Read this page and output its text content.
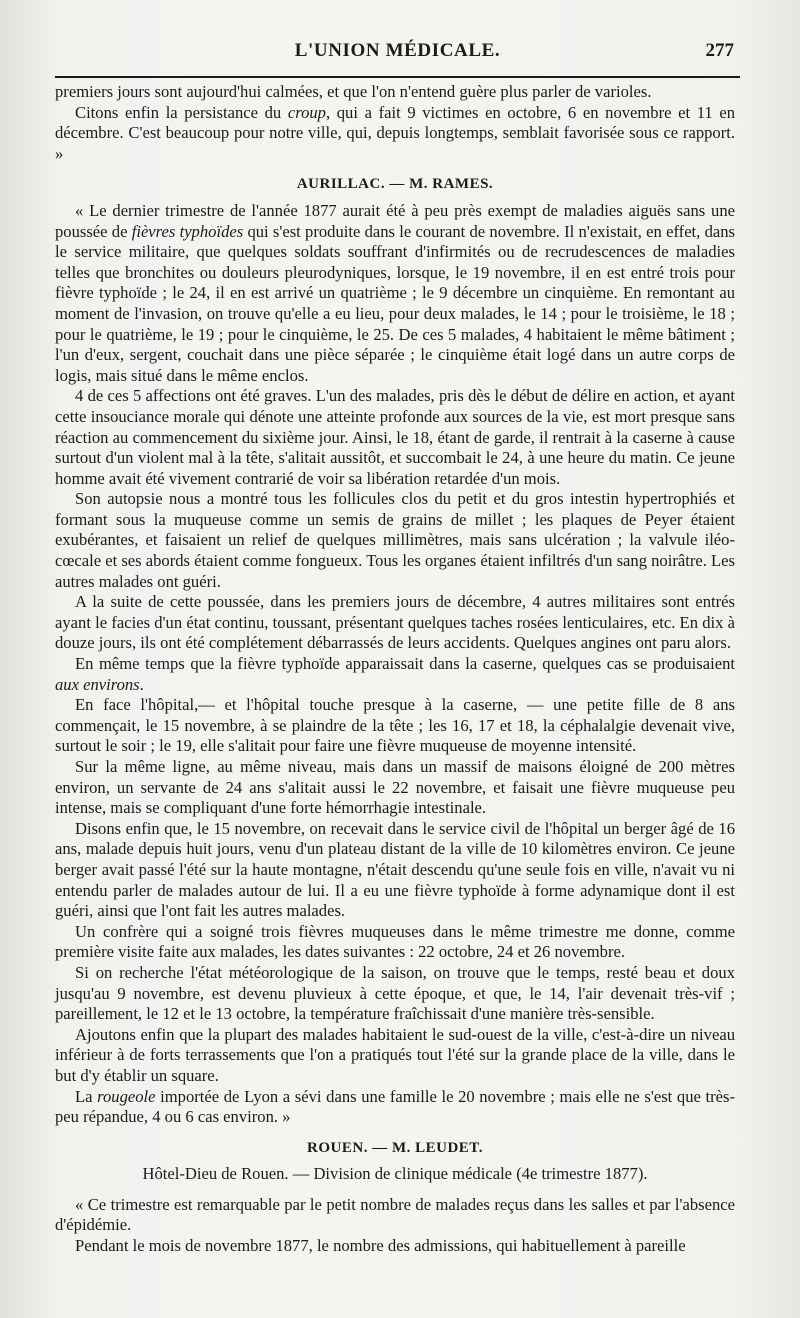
L'UNION MÉDICALE.	277

premiers jours sont aujourd'hui calmées, et que l'on n'entend guère plus parler de varioles.

Citons enfin la persistance du croup, qui a fait 9 victimes en octobre, 6 en novembre et 11 en décembre. C'est beaucoup pour notre ville, qui, depuis longtemps, semblait favorisée sous ce rapport. »

AURILLAC. — M. RAMES.

« Le dernier trimestre de l'année 1877 aurait été à peu près exempt de maladies aiguës sans une poussée de fièvres typhoïdes qui s'est produite dans le courant de novembre. Il n'existait, en effet, dans le service militaire, que quelques soldats souffrant d'infirmités ou de recrudescences de maladies telles que bronchites ou douleurs pleurodyniques, lorsque, le 19 novembre, il en est entré trois pour fièvre typhoïde ; le 24, il en est arrivé un quatrième ; le 9 décembre un cinquième. En remontant au moment de l'invasion, on trouve qu'elle a eu lieu, pour deux malades, le 14 ; pour le troisième, le 18 ; pour le quatrième, le 19 ; pour le cinquième, le 25. De ces 5 malades, 4 habitaient le même bâtiment ; l'un d'eux, sergent, couchait dans une pièce séparée ; le cinquième était logé dans un autre corps de logis, mais situé dans le même enclos.

4 de ces 5 affections ont été graves. L'un des malades, pris dès le début de délire en action, et ayant cette insouciance morale qui dénote une atteinte profonde aux sources de la vie, est mort presque sans réaction au commencement du sixième jour. Ainsi, le 18, étant de garde, il rentrait à la caserne à cause surtout d'un violent mal à la tête, s'alitait aussitôt, et succombait le 24, à une heure du matin. Ce jeune homme avait été vivement contrarié de voir sa libération retardée d'un mois.

Son autopsie nous a montré tous les follicules clos du petit et du gros intestin hypertrophiés et formant sous la muqueuse comme un semis de grains de millet ; les plaques de Peyer étaient exubérantes, et faisaient un relief de quelques millimètres, mais sans ulcération ; la valvule iléo-cœcale et ses abords étaient comme fongueux. Tous les organes étaient infiltrés d'un sang noirâtre. Les autres malades ont guéri.

A la suite de cette poussée, dans les premiers jours de décembre, 4 autres militaires sont entrés ayant le facies d'un état continu, toussant, présentant quelques taches rosées lenticulaires, etc. En dix à douze jours, ils ont été complétement débarrassés de leurs accidents. Quelques angines ont paru alors.

En même temps que la fièvre typhoïde apparaissait dans la caserne, quelques cas se produisaient aux environs.

En face l'hôpital,— et l'hôpital touche presque à la caserne, — une petite fille de 8 ans commençait, le 15 novembre, à se plaindre de la tête ; les 16, 17 et 18, la céphalalgie devenait vive, surtout le soir ; le 19, elle s'alitait pour faire une fièvre muqueuse de moyenne intensité.

Sur la même ligne, au même niveau, mais dans un massif de maisons éloigné de 200 mètres environ, un servante de 24 ans s'alitait aussi le 22 novembre, et faisait une fièvre muqueuse peu intense, mais se compliquant d'une forte hémorrhagie intestinale.

Disons enfin que, le 15 novembre, on recevait dans le service civil de l'hôpital un berger âgé de 16 ans, malade depuis huit jours, venu d'un plateau distant de la ville de 10 kilomètres environ. Ce jeune berger avait passé l'été sur la haute montagne, n'était descendu qu'une seule fois en ville, n'avait vu ni entendu parler de malades autour de lui. Il a eu une fièvre typhoïde à forme adynamique dont il est guéri, ainsi que l'ont fait les autres malades.

Un confrère qui a soigné trois fièvres muqueuses dans le même trimestre me donne, comme première visite faite aux malades, les dates suivantes : 22 octobre, 24 et 26 novembre.

Si on recherche l'état météorologique de la saison, on trouve que le temps, resté beau et doux jusqu'au 9 novembre, est devenu pluvieux à cette époque, et que, le 14, l'air devenait très-vif ; pareillement, le 12 et le 13 octobre, la température fraîchissait d'une manière très-sensible.

Ajoutons enfin que la plupart des malades habitaient le sud-ouest de la ville, c'est-à-dire un niveau inférieur à de forts terrassements que l'on a pratiqués tout l'été sur la grande place de la ville, dans le but d'y établir un square.

La rougeole importée de Lyon a sévi dans une famille le 20 novembre ; mais elle ne s'est que très-peu répandue, 4 ou 6 cas environ. »

ROUEN. — M. LEUDET.

Hôtel-Dieu de Rouen. — Division de clinique médicale (4e trimestre 1877).

« Ce trimestre est remarquable par le petit nombre de malades reçus dans les salles et par l'absence d'épidémie.

Pendant le mois de novembre 1877, le nombre des admissions, qui habituellement à pareille
